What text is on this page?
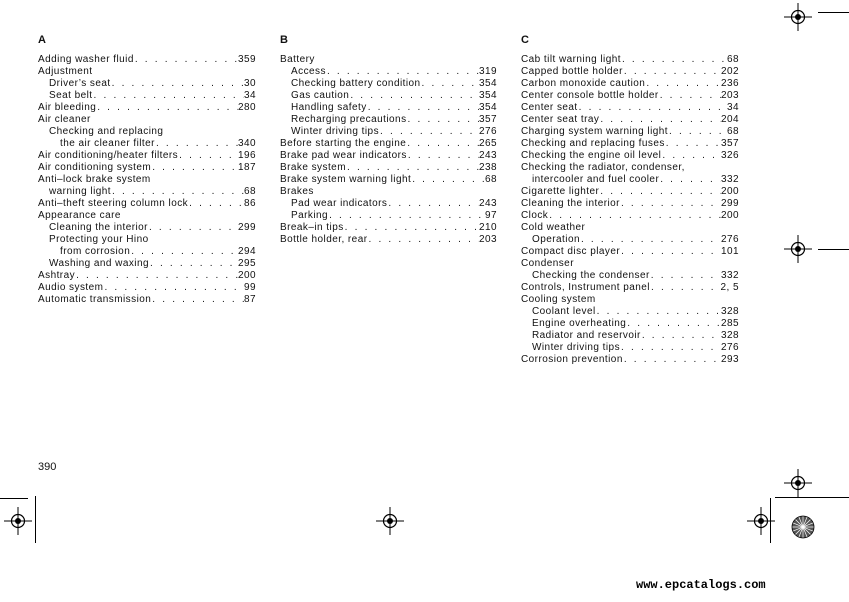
A
Adding washer fluid . . .	359
Adjustment
Driver’s seat . . .	30
Seat belt . . .	34
Air bleeding . . .	280
Air cleaner
Checking and replacing
the air cleaner filter . . .	340
Air conditioning/heater filters . . .	196
Air conditioning system . . .	187
Anti–lock brake system
warning light . . .	68
Anti–theft steering column lock . . .	86
Appearance care
Cleaning the interior . . .	299
Protecting your Hino
from corrosion . . .	294
Washing and waxing . . .	295
Ashtray . . .	200
Audio system . . .	99
Automatic transmission . . .	87
B
Battery
Access . . .	319
Checking battery condition . . .	354
Gas caution . . .	354
Handling safety . . .	354
Recharging precautions . . .	357
Winter driving tips . . .	276
Before starting the engine . . .	265
Brake pad wear indicators . . .	243
Brake system . . .	238
Brake system warning light . . .	68
Brakes
Pad wear indicators . . .	243
Parking . . .	97
Break–in tips . . .	210
Bottle holder, rear . . .	203
C
Cab tilt warning light . . .	68
Capped bottle holder . . .	202
Carbon monoxide caution . . .	236
Center console bottle holder . . .	203
Center seat . . .	34
Center seat tray . . .	204
Charging system warning light . . .	68
Checking and replacing fuses . . .	357
Checking the engine oil level . . .	326
Checking the radiator, condenser,
intercooler and fuel cooler . . .	332
Cigarette lighter . . .	200
Cleaning the interior . . .	299
Clock . . .	200
Cold weather
Operation . . .	276
Compact disc player . . .	101
Condenser
Checking the condenser . . .	332
Controls, Instrument panel . . .	2, 5
Cooling system
Coolant level . . .	328
Engine overheating . . .	285
Radiator and reservoir . . .	328
Winter driving tips . . .	276
Corrosion prevention . . .	293
390
www.epcatalogs.com
